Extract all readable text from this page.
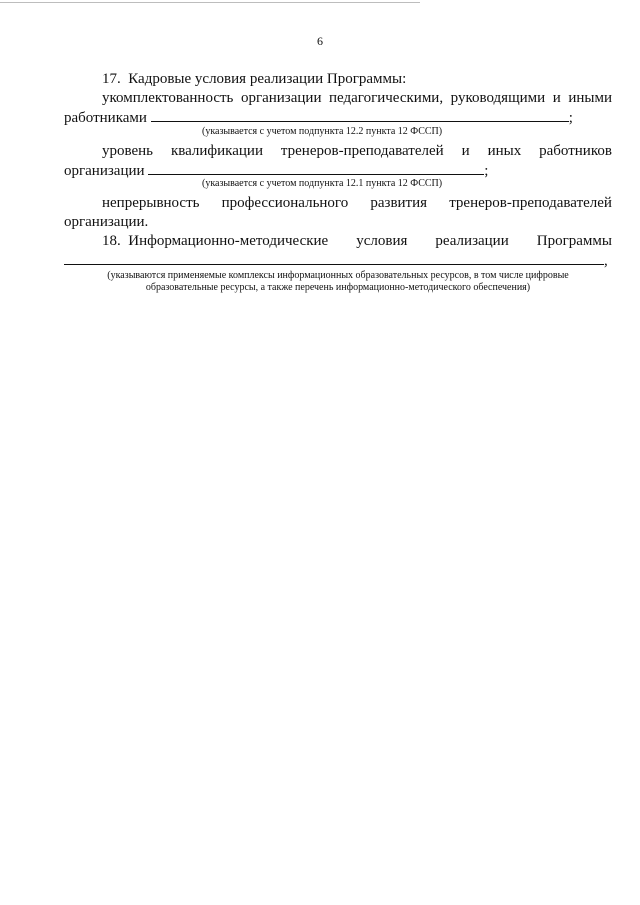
6
17.  Кадровые условия реализации Программы:
укомплектованность организации педагогическими, руководящими и иными
работниками	;
(указывается с учетом подпункта 12.2 пункта 12 ФССП)
уровень квалификации тренеров-преподавателей и иных работников
организации	;
(указывается с учетом подпункта 12.1 пункта 12 ФССП)
непрерывность профессионального развития тренеров-преподавателей
организации.
18.  Информационно-методические условия реализации Программы
,
(указываются применяемые комплексы информационных образовательных ресурсов, в том числе цифровые
образовательные ресурсы, а также перечень информационно-методического обеспечения)
